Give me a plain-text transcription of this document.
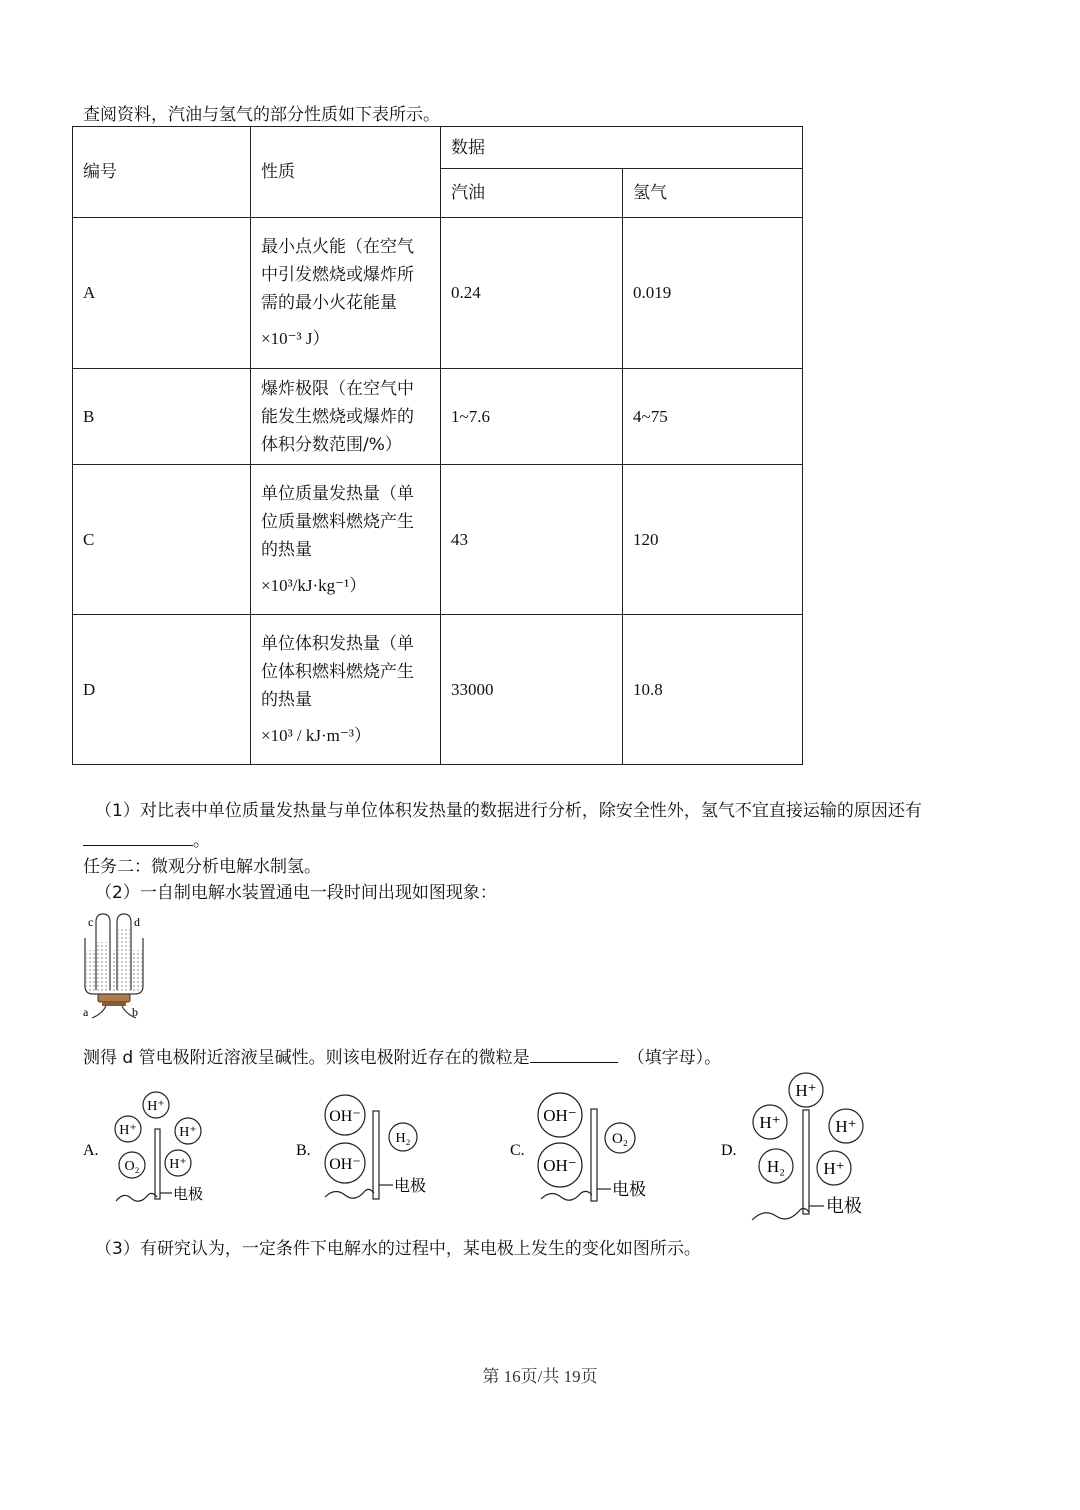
查阅资料，汽油与氢气的部分性质如下表所示。
编号	性质	数据	
		汽油	氢气
A	最小点火能（在空气
中引发燃烧或爆炸所
需的最小火花能量
×10⁻³ J）	0.24	0.019
B	爆炸极限（在空气中
能发生燃烧或爆炸的
体积分数范围/%）	1~7.6	4~75
C	单位质量发热量（单
位质量燃料燃烧产生
的热量
×10³/kJ·kg⁻¹）	43	120
D	单位体积发热量（单
位体积燃料燃烧产生
的热量
×10³ / kJ·m⁻³）	33000	10.8
（1）对比表中单位质量发热量与单位体积发热量的数据进行分析，除安全性外，氢气不宜直接运输的原因还有
。
任务二：微观分析电解水制氢。
（2）一自制电解水装置通电一段时间出现如图现象：
c	d
a	b
测得 d 管电极附近溶液呈碱性。则该电极附近存在的微粒是	（填字母）。
A.
H⁺
H⁺	H⁺
O₂ H⁺
电极
B.
OH⁻
H₂
OH⁻
电极
C.
OH⁻
O₂
OH⁻
电极
D.
H⁺
H⁺	H⁺
H₂ H⁺
电极
（3）有研究认为，一定条件下电解水的过程中，某电极上发生的变化如图所示。
第 16页/共 19页
